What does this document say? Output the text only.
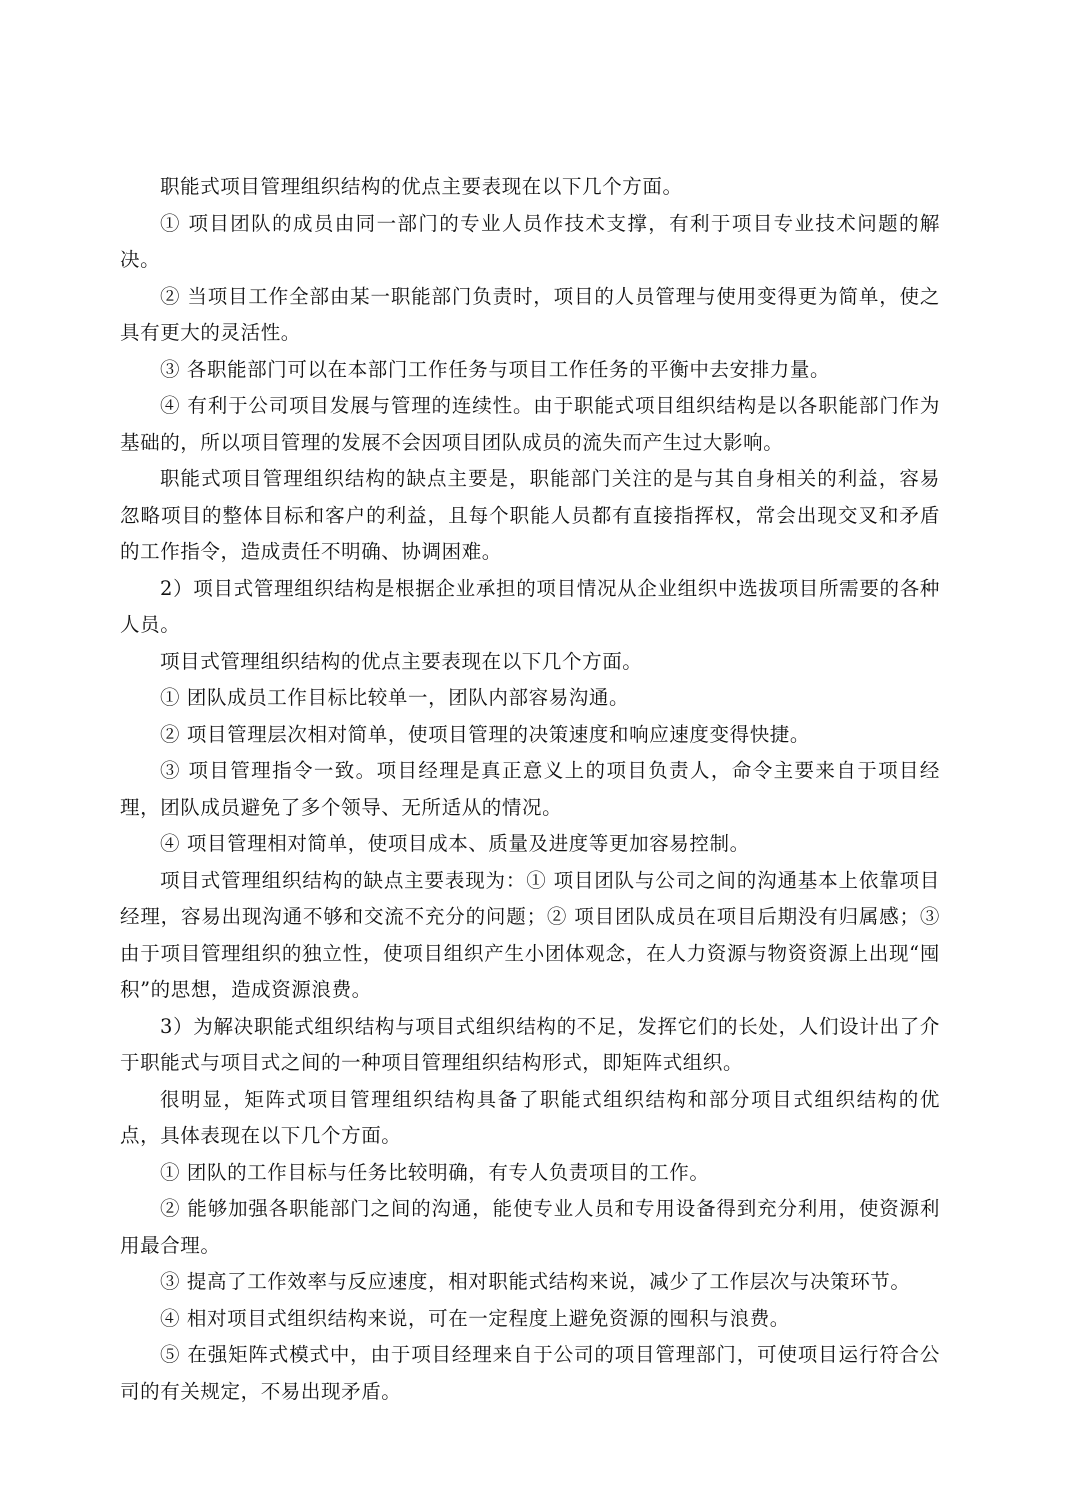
职能式项目管理组织结构的优点主要表现在以下几个方面。

① 项目团队的成员由同一部门的专业人员作技术支撑，有利于项目专业技术问题的解决。

② 当项目工作全部由某一职能部门负责时，项目的人员管理与使用变得更为简单，使之具有更大的灵活性。

③ 各职能部门可以在本部门工作任务与项目工作任务的平衡中去安排力量。

④ 有利于公司项目发展与管理的连续性。由于职能式项目组织结构是以各职能部门作为基础的，所以项目管理的发展不会因项目团队成员的流失而产生过大影响。

职能式项目管理组织结构的缺点主要是，职能部门关注的是与其自身相关的利益，容易忽略项目的整体目标和客户的利益，且每个职能人员都有直接指挥权，常会出现交叉和矛盾的工作指令，造成责任不明确、协调困难。

2）项目式管理组织结构是根据企业承担的项目情况从企业组织中选拔项目所需要的各种人员。

项目式管理组织结构的优点主要表现在以下几个方面。

① 团队成员工作目标比较单一，团队内部容易沟通。

② 项目管理层次相对简单，使项目管理的决策速度和响应速度变得快捷。

③ 项目管理指令一致。项目经理是真正意义上的项目负责人，命令主要来自于项目经理，团队成员避免了多个领导、无所适从的情况。

④ 项目管理相对简单，使项目成本、质量及进度等更加容易控制。

项目式管理组织结构的缺点主要表现为：① 项目团队与公司之间的沟通基本上依靠项目经理，容易出现沟通不够和交流不充分的问题；② 项目团队成员在项目后期没有归属感；③ 由于项目管理组织的独立性，使项目组织产生小团体观念，在人力资源与物资资源上出现“囤积”的思想，造成资源浪费。

3）为解决职能式组织结构与项目式组织结构的不足，发挥它们的长处，人们设计出了介于职能式与项目式之间的一种项目管理组织结构形式，即矩阵式组织。

很明显，矩阵式项目管理组织结构具备了职能式组织结构和部分项目式组织结构的优点，具体表现在以下几个方面。

① 团队的工作目标与任务比较明确，有专人负责项目的工作。

② 能够加强各职能部门之间的沟通，能使专业人员和专用设备得到充分利用，使资源利用最合理。

③ 提高了工作效率与反应速度，相对职能式结构来说，减少了工作层次与决策环节。

④ 相对项目式组织结构来说，可在一定程度上避免资源的囤积与浪费。

⑤ 在强矩阵式模式中，由于项目经理来自于公司的项目管理部门，可使项目运行符合公司的有关规定，不易出现矛盾。
